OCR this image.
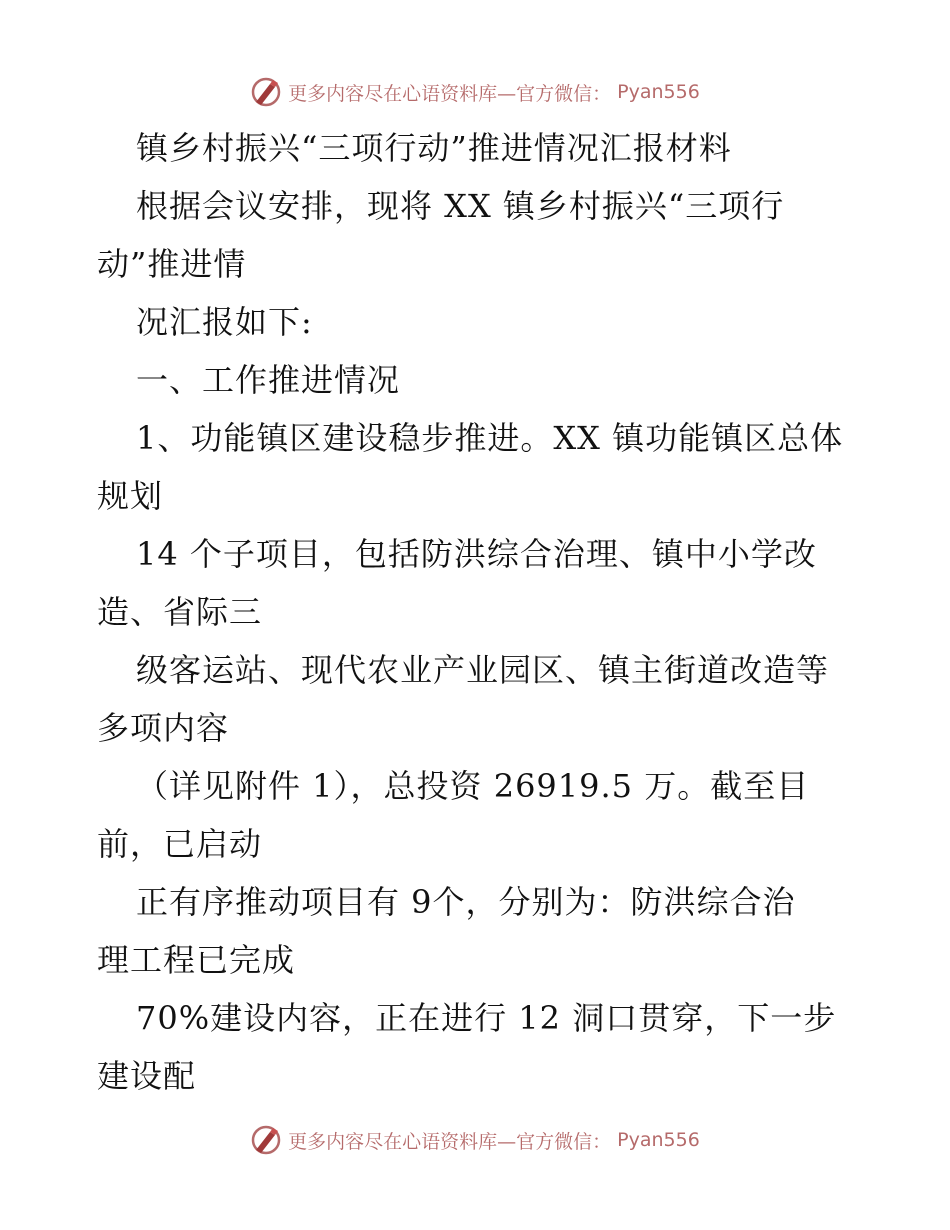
更多内容尽在心语资料库—官方微信： Pyan556
镇乡村振兴“三项行动”推进情况汇报材料
根据会议安排，现将 XX 镇乡村振兴“三项行
动”推进情
况汇报如下:
一、工作推进情况
1、功能镇区建设稳步推进。XX 镇功能镇区总体
规划
14 个子项目，包括防洪综合治理、镇中小学改
造、省际三
级客运站、现代农业产业园区、镇主街道改造等
多项内容
（详见附件 1），总投资 26919.5 万。截至目
前，已启动
正有序推动项目有 9个，分别为：防洪综合治
理工程已完成
70%建设内容，正在进行 12 洞口贯穿，下一步
建设配
更多内容尽在心语资料库—官方微信： Pyan556
